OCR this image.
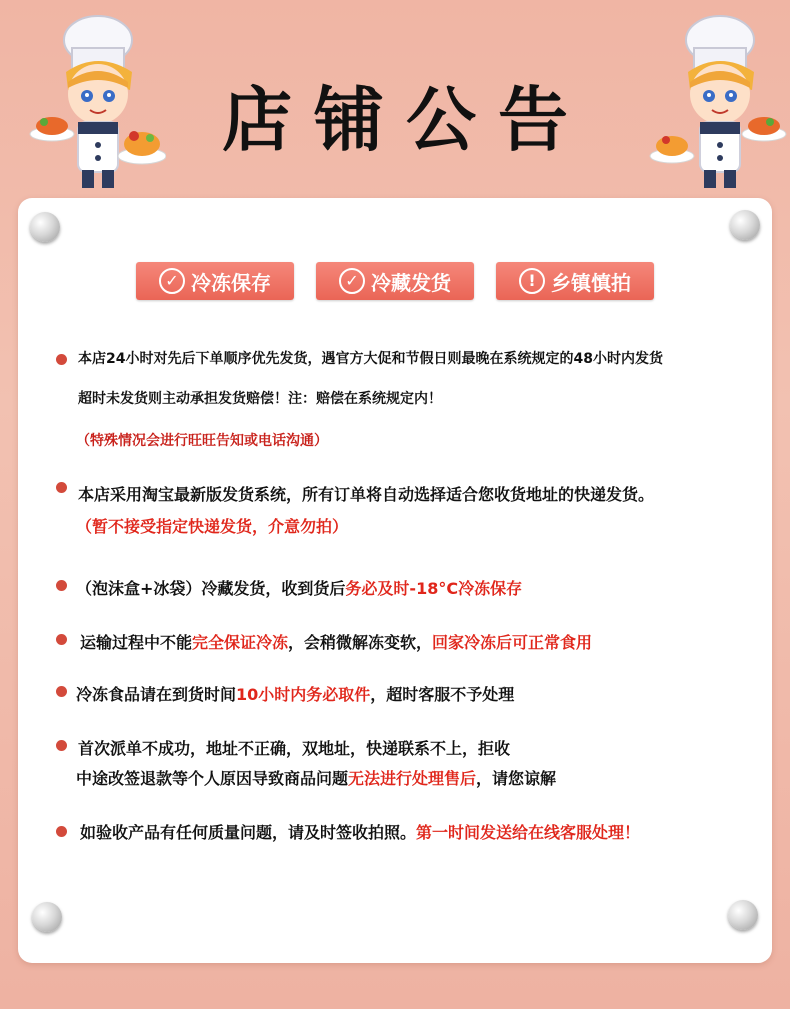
店铺公告
✓ 冷冻保存	✓ 冷藏发货	! 乡镇慎拍
本店24小时对先后下单顺序优先发货，遇官方大促和节假日则最晚在系统规定的48小时内发货
超时未发货则主动承担发货赔偿！注：赔偿在系统规定内！
（特殊情况会进行旺旺告知或电话沟通）
本店采用淘宝最新版发货系统，所有订单将自动选择适合您收货地址的快递发货。
（暂不接受指定快递发货，介意勿拍）
（泡沫盒+冰袋）冷藏发货，收到货后务必及时-18°C冷冻保存
运输过程中不能完全保证冷冻，会稍微解冻变软，回家冷冻后可正常食用
冷冻食品请在到货时间10小时内务必取件，超时客服不予处理
首次派单不成功，地址不正确，双地址，快递联系不上，拒收
中途改签退款等个人原因导致商品问题无法进行处理售后，请您谅解
如验收产品有任何质量问题，请及时签收拍照。第一时间发送给在线客服处理！
